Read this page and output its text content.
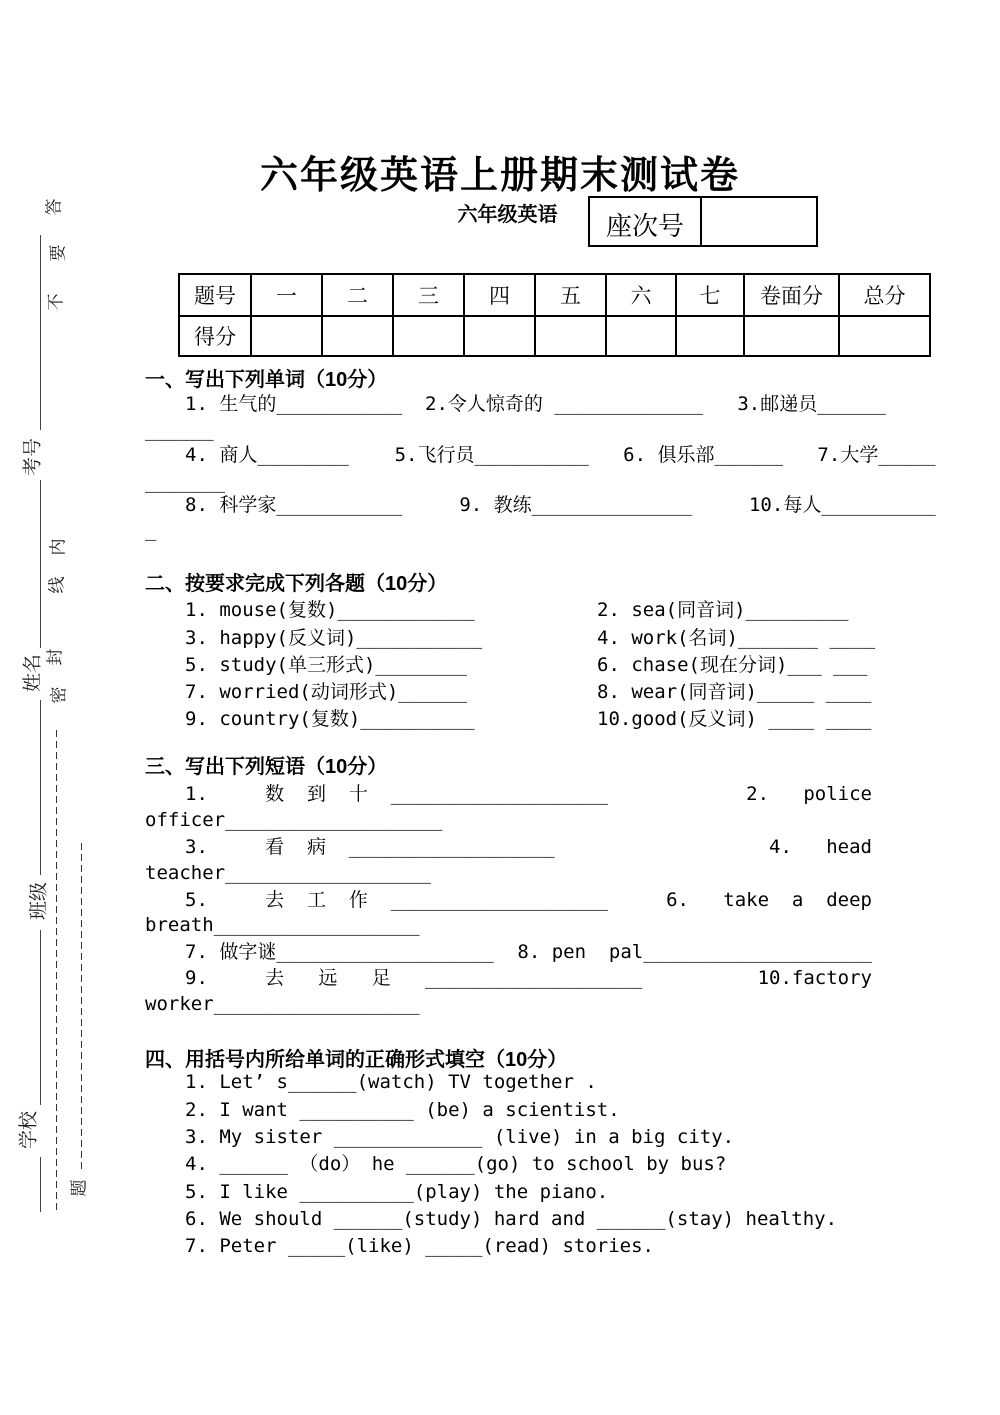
答
要
不
内
线
封
密
题
考号
姓名
班级
学校
六年级英语上册期末测试卷
六年级英语	座次号
题号	一	二	三	四	五	六	七	卷面分	总分
得分									
一、写出下列单词（10分）
1. 生气的___________  2.令人惊奇的 _____________   3.邮递员______
______
4. 商人________    5.飞行员__________   6. 俱乐部______   7.大学_____
_______
8. 科学家___________     9. 教练______________     10.每人__________
_
二、按要求完成下列各题（10分）
1. mouse(复数)____________	2. sea(同音词)_________
3. happy(反义词)___________	4. work(名词)_______ ____
5. study(单三形式)________	6. chase(现在分词)___ ___
7. worried(动词形式)______	8. wear(同音词)_____ ____
9. country(复数)__________	10.good(反义词) ____ ____
三、写出下列短语（10分）
1.     数  到  十  ___________________	2.   police
officer___________________
3.     看  病  __________________	4.   head
teacher__________________
5.     去  工  作  ___________________	6.   take  a  deep
breath__________________
7. 做字谜___________________ 8. pen  pal____________________
9.     去   远   足   ___________________	10.factory
worker__________________
四、用括号内所给单词的正确形式填空（10分）
1. Let’ s______(watch) TV together .
2. I want __________ (be) a scientist.
3. My sister _____________ (live) in a big city.
4. ______ （do） he ______(go) to school by bus?
5. I like __________(play) the piano.
6. We should ______(study) hard and ______(stay) healthy.
7. Peter _____(like) _____(read) stories.
